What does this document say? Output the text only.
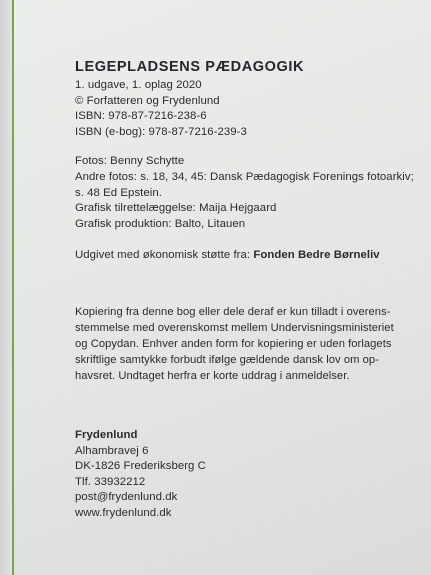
LEGEPLADSENS PÆDAGOGIK
1. udgave, 1. oplag 2020
© Forfatteren og Frydenlund
ISBN: 978-87-7216-238-6
ISBN (e-bog): 978-87-7216-239-3
Fotos: Benny Schytte
Andre fotos: s. 18, 34, 45: Dansk Pædagogisk Forenings fotoarkiv;
s. 48 Ed Epstein.
Grafisk tilrettelæggelse: Maija Hejgaard
Grafisk produktion: Balto, Litauen
Udgivet med økonomisk støtte fra: Fonden Bedre Børneliv
Kopiering fra denne bog eller dele deraf er kun tilladt i overens-
stemmelse med overenskomst mellem Undervisningsministeriet
og Copydan. Enhver anden form for kopiering er uden forlagets
skriftlige samtykke forbudt ifølge gældende dansk lov om op-
havsret. Undtaget herfra er korte uddrag i anmeldelser.
Frydenlund
Alhambravej 6
DK-1826 Frederiksberg C
Tlf. 33932212
post@frydenlund.dk
www.frydenlund.dk
